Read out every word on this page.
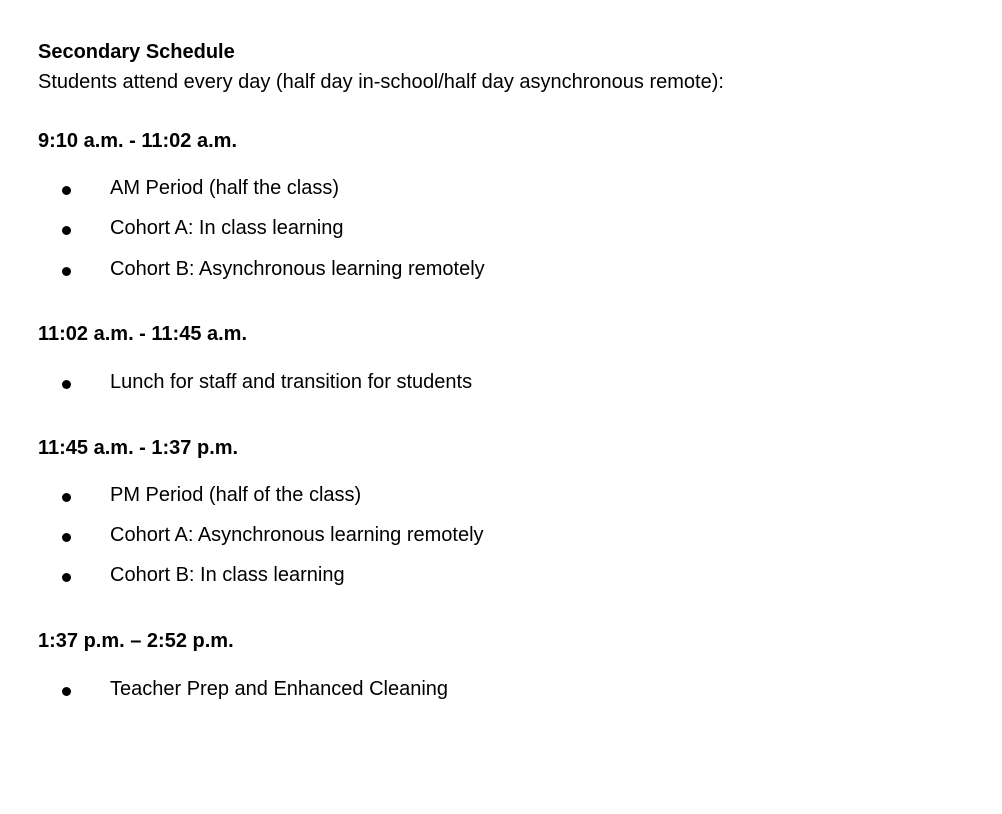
Secondary Schedule
Students attend every day (half day in-school/half day asynchronous remote):
9:10 a.m. - 11:02 a.m.
AM Period (half the class)
Cohort A: In class learning
Cohort B: Asynchronous learning remotely
11:02 a.m. - 11:45 a.m.
Lunch for staff and transition for students
11:45 a.m. - 1:37 p.m.
PM Period (half of the class)
Cohort A: Asynchronous learning remotely
Cohort B: In class learning
1:37 p.m. – 2:52 p.m.
Teacher Prep and Enhanced Cleaning
